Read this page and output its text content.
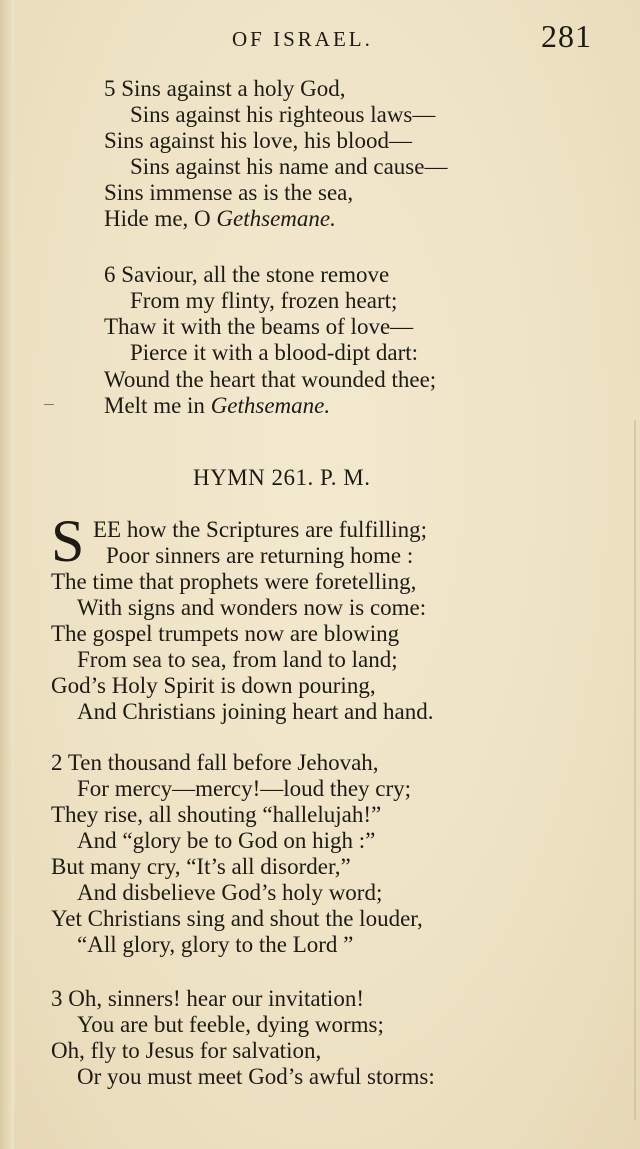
OF ISRAEL.	281
5 Sins against a holy God,
Sins against his righteous laws—
Sins against his love, his blood—
Sins against his name and cause—
Sins immense as is the sea,
Hide me, O Gethsemane.
6 Saviour, all the stone remove
From my flinty, frozen heart;
Thaw it with the beams of love—
Pierce it with a blood-dipt dart:
Wound the heart that wounded thee;
Melt me in Gethsemane.
HYMN 261. P. M.
S EE how the Scriptures are fulfilling;
Poor sinners are returning home :
The time that prophets were foretelling,
With signs and wonders now is come:
The gospel trumpets now are blowing
From sea to sea, from land to land;
God’s Holy Spirit is down pouring,
And Christians joining heart and hand.
2 Ten thousand fall before Jehovah,
For mercy—mercy!—loud they cry;
They rise, all shouting “hallelujah!”
And “glory be to God on high :”
But many cry, “It’s all disorder,”
And disbelieve God’s holy word;
Yet Christians sing and shout the louder,
“All glory, glory to the Lord ”
3 Oh, sinners! hear our invitation!
You are but feeble, dying worms;
Oh, fly to Jesus for salvation,
Or you must meet God’s awful storms:
